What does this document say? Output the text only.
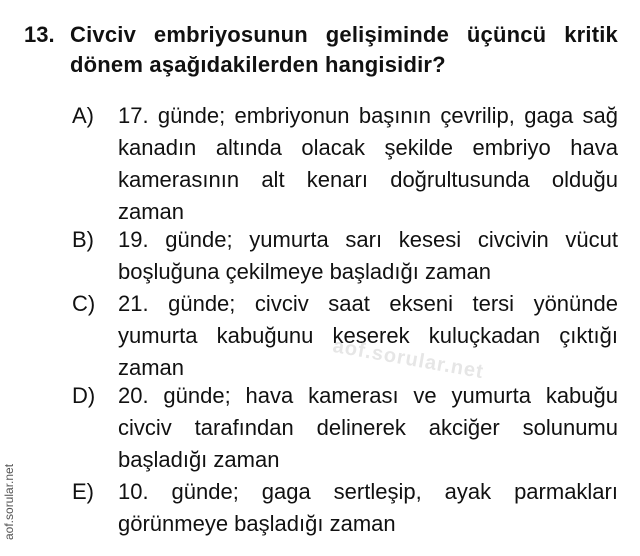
13. Civciv embriyosunun gelişiminde üçüncü kritik dönem aşağıdakilerden hangisidir?
A) 17. günde; embriyonun başının çevrilip, gaga sağ kanadın altında olacak şekilde embriyo hava kamerasının alt kenarı doğrultusunda olduğu zaman
B) 19. günde; yumurta sarı kesesi civcivin vücut boşluğuna çekilmeye başladığı zaman
C) 21. günde; civciv saat ekseni tersi yönünde yumurta kabuğunu keserek kuluçkadan çıktığı zaman
D) 20. günde; hava kamerası ve yumurta kabuğu civciv tarafından delinerek akciğer solunumu başladığı zaman
E) 10. günde; gaga sertleşip, ayak parmakları görünmeye başladığı zaman
aof.sorular.net
aof.sorular.net
